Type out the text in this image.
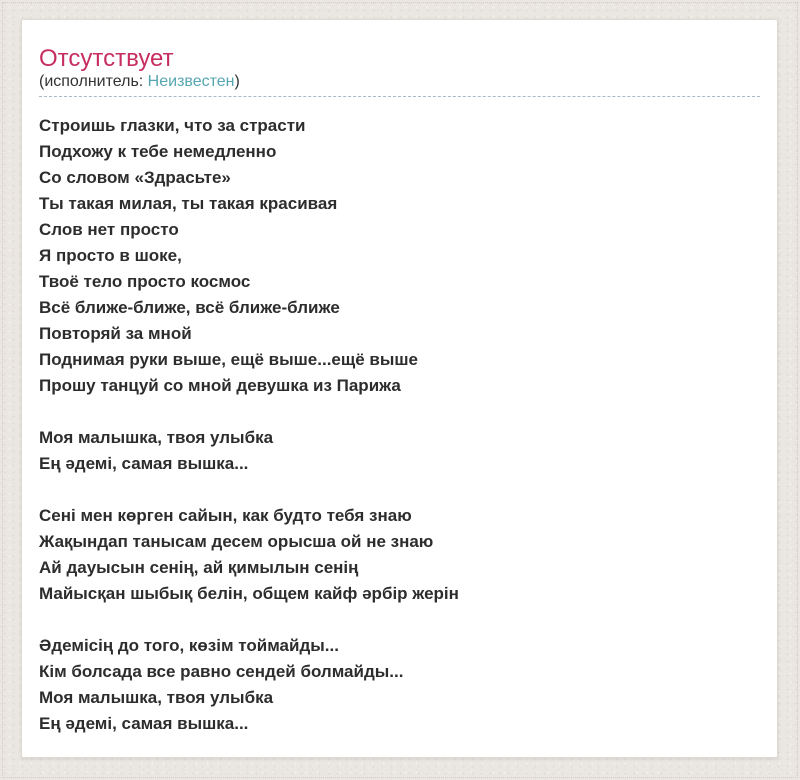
Отсутствует
(исполнитель: Неизвестен)
Строишь глазки, что за страсти
Подхожу к тебе немедленно
Со словом «Здрасьте»
Ты такая милая, ты такая красивая
Слов нет просто
Я просто в шоке,
Твоё тело просто космос
Всё ближе-ближе, всё ближе-ближе
Повторяй за мной
Поднимая руки выше, ещё выше...ещё выше
Прошу танцуй со мной девушка из Парижа

Моя малышка, твоя улыбка
Ең әдемі, самая вышка...

Сені мен көрген сайын, как будто тебя знаю
Жақындап танысам десем орысша ой не знаю
Ай дауысын сенің, ай қимылын сенің
Майысқан шыбық белін, общем кайф әрбір жерін

Әдемісің до того, көзім тоймайды...
Кім болсада все равно сендей болмайды...
Моя малышка, твоя улыбка
Ең әдемі, самая вышка...
